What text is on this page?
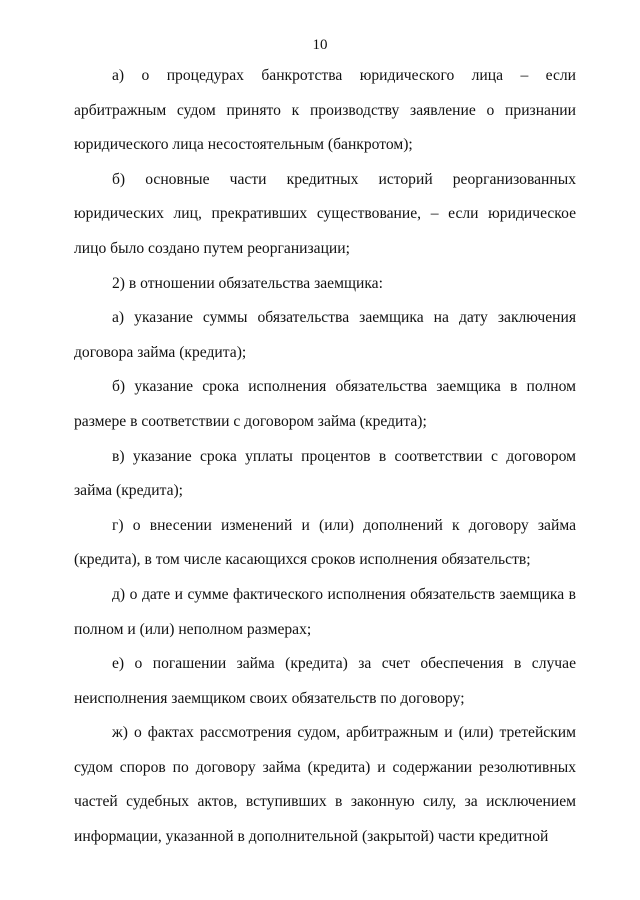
10

а) о процедурах банкротства юридического лица – если арбитражным судом принято к производству заявление о признании юридического лица несостоятельным (банкротом);

б) основные части кредитных историй реорганизованных юридических лиц, прекративших существование, – если юридическое лицо было создано путем реорганизации;

2) в отношении обязательства заемщика:

а) указание суммы обязательства заемщика на дату заключения договора займа (кредита);

б) указание срока исполнения обязательства заемщика в полном размере в соответствии с договором займа (кредита);

в) указание срока уплаты процентов в соответствии с договором займа (кредита);

г) о внесении изменений и (или) дополнений к договору займа (кредита), в том числе касающихся сроков исполнения обязательств;

д) о дате и сумме фактического исполнения обязательств заемщика в полном и (или) неполном размерах;

е) о погашении займа (кредита) за счет обеспечения в случае неисполнения заемщиком своих обязательств по договору;

ж) о фактах рассмотрения судом, арбитражным и (или) третейским судом споров по договору займа (кредита) и содержании резолютивных частей судебных актов, вступивших в законную силу, за исключением информации, указанной в дополнительной (закрытой) части кредитной
